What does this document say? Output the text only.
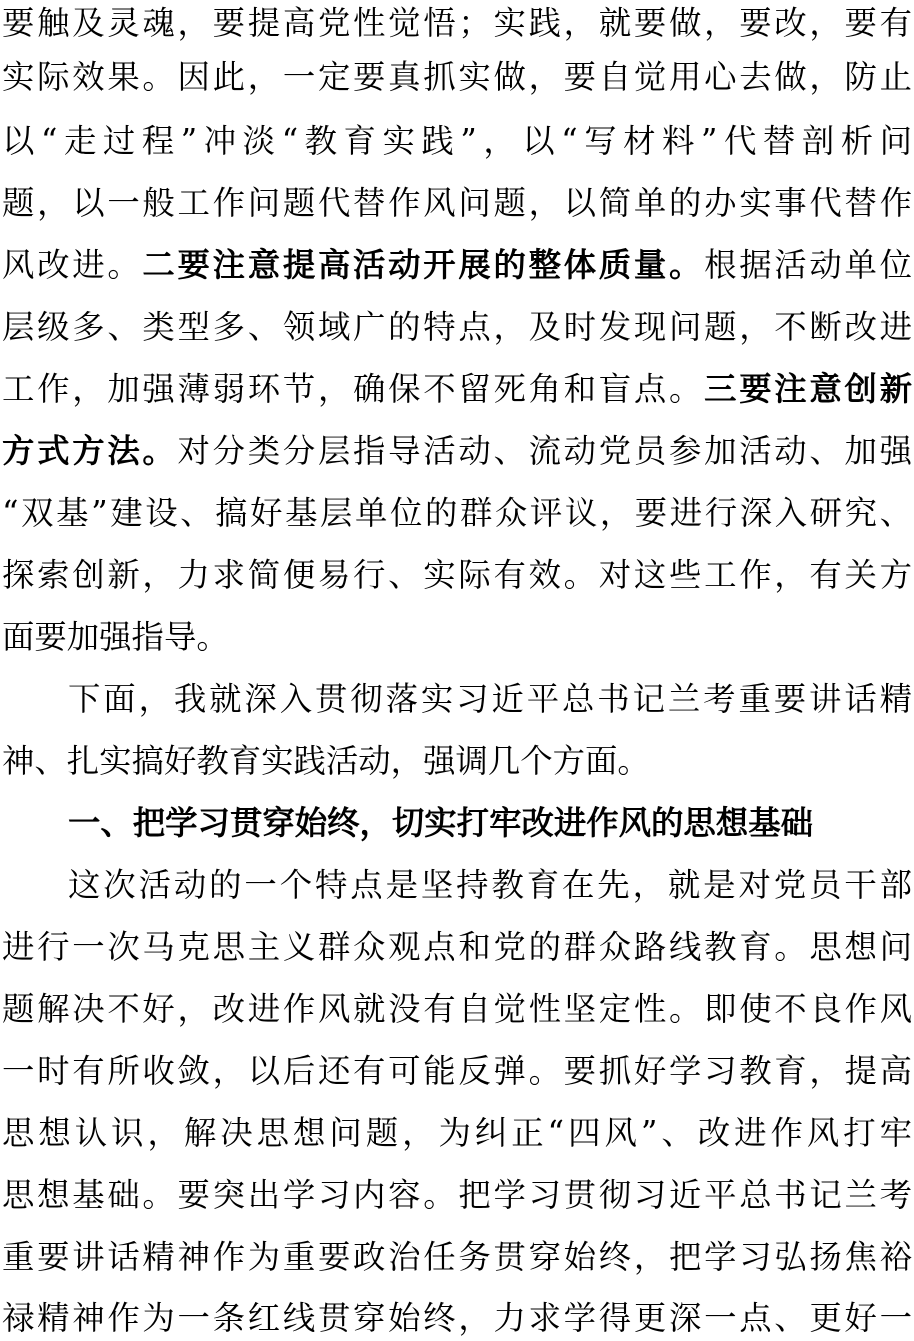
要触及灵魂，要提高党性觉悟；实践，就要做，要改，要有
实际效果。因此，一定要真抓实做，要自觉用心去做，防止
以“走过程”冲淡“教育实践”，以“写材料”代替剖析问
题，以一般工作问题代替作风问题，以简单的办实事代替作
风改进。二要注意提高活动开展的整体质量。根据活动单位
层级多、类型多、领域广的特点，及时发现问题，不断改进
工作，加强薄弱环节，确保不留死角和盲点。三要注意创新
方式方法。对分类分层指导活动、流动党员参加活动、加强
“双基”建设、搞好基层单位的群众评议，要进行深入研究、
探索创新，力求简便易行、实际有效。对这些工作，有关方
面要加强指导。
下面，我就深入贯彻落实习近平总书记兰考重要讲话精
神、扎实搞好教育实践活动，强调几个方面。
一、把学习贯穿始终，切实打牢改进作风的思想基础
这次活动的一个特点是坚持教育在先，就是对党员干部
进行一次马克思主义群众观点和党的群众路线教育。思想问
题解决不好，改进作风就没有自觉性坚定性。即使不良作风
一时有所收敛，以后还有可能反弹。要抓好学习教育，提高
思想认识，解决思想问题，为纠正“四风”、改进作风打牢
思想基础。要突出学习内容。把学习贯彻习近平总书记兰考
重要讲话精神作为重要政治任务贯穿始终，把学习弘扬焦裕
禄精神作为一条红线贯穿始终，力求学得更深一点、更好一
